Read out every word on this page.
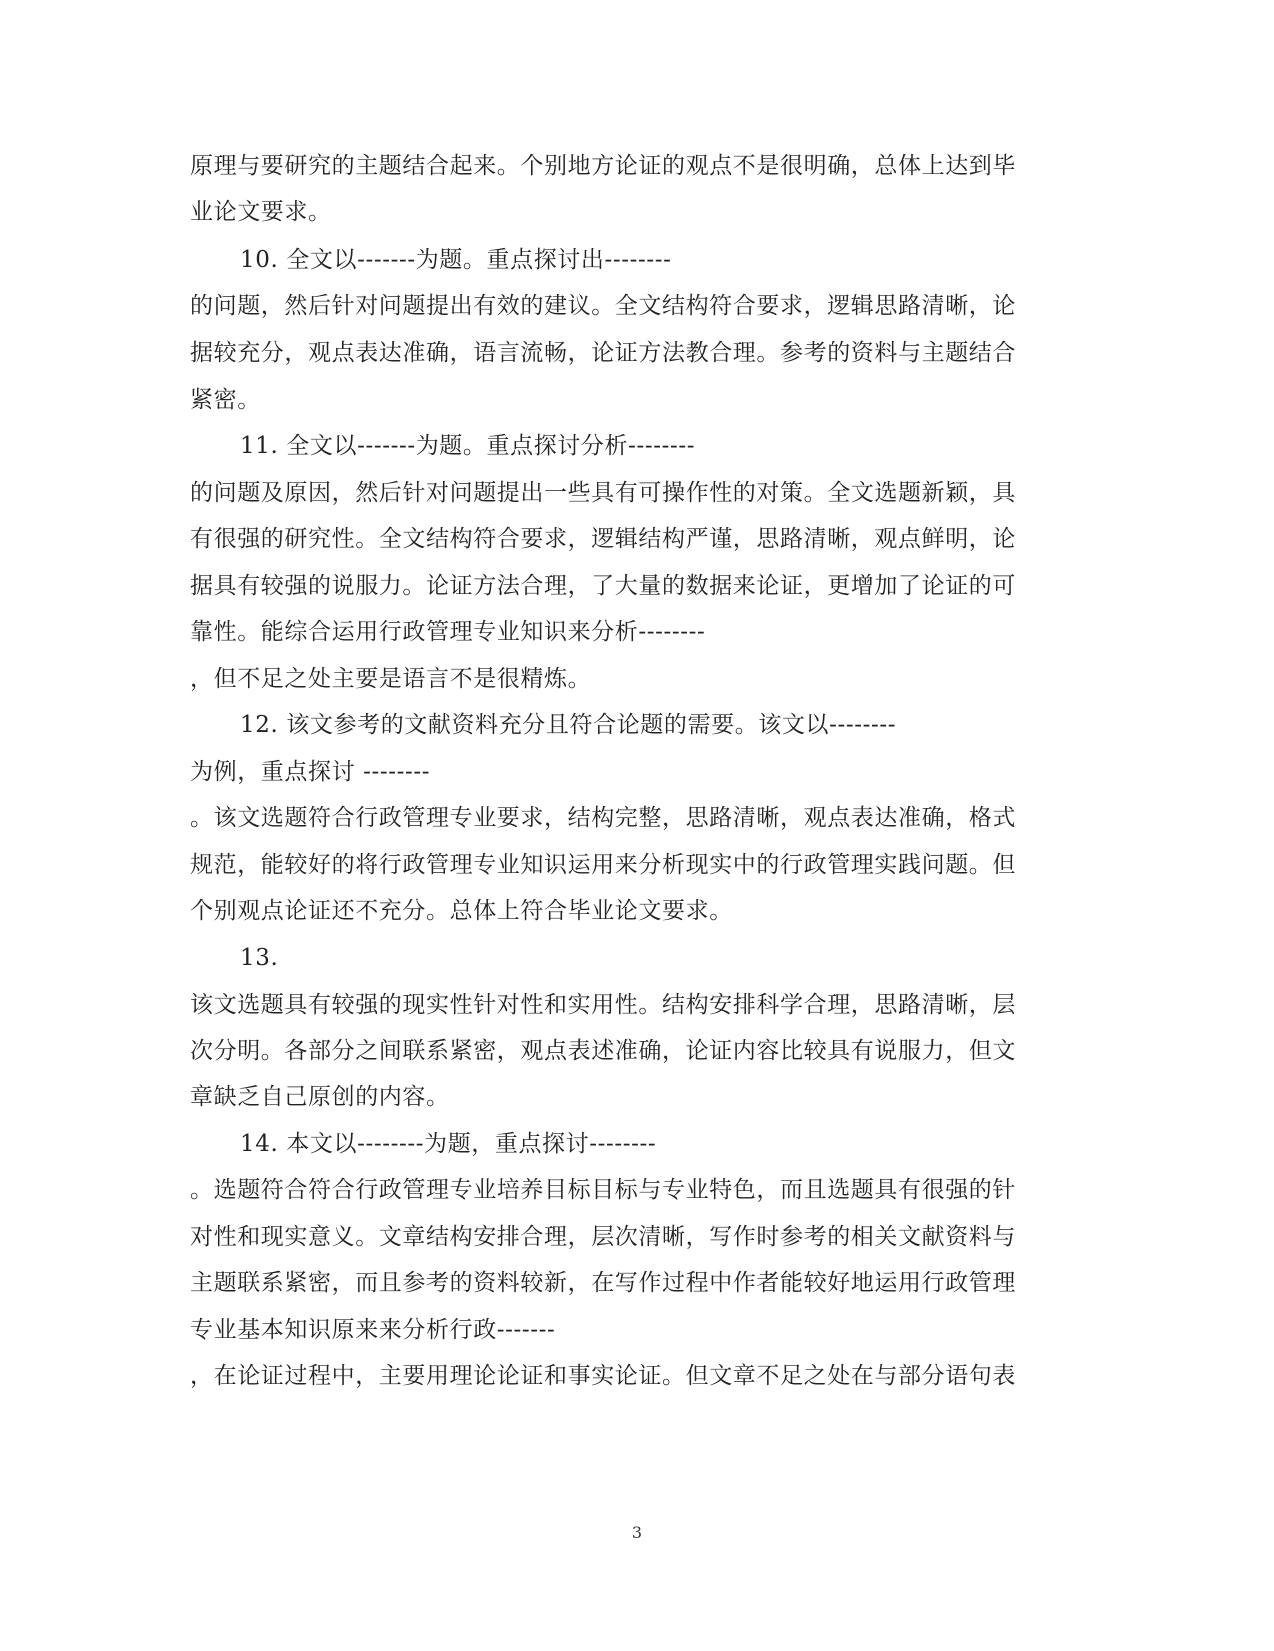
原理与要研究的主题结合起来。个别地方论证的观点不是很明确，总体上达到毕
业论文要求。
10. 全文以-------为题。重点探讨出--------
的问题，然后针对问题提出有效的建议。全文结构符合要求，逻辑思路清晰，论
据较充分，观点表达准确，语言流畅，论证方法教合理。参考的资料与主题结合
紧密。
11. 全文以-------为题。重点探讨分析--------
的问题及原因，然后针对问题提出一些具有可操作性的对策。全文选题新颖，具
有很强的研究性。全文结构符合要求，逻辑结构严谨，思路清晰，观点鲜明，论
据具有较强的说服力。论证方法合理，了大量的数据来论证，更增加了论证的可
靠性。能综合运用行政管理专业知识来分析--------
，但不足之处主要是语言不是很精炼。
12. 该文参考的文献资料充分且符合论题的需要。该文以--------
为例，重点探讨 --------
。该文选题符合行政管理专业要求，结构完整，思路清晰，观点表达准确，格式
规范，能较好的将行政管理专业知识运用来分析现实中的行政管理实践问题。但
个别观点论证还不充分。总体上符合毕业论文要求。
13.
该文选题具有较强的现实性针对性和实用性。结构安排科学合理，思路清晰，层
次分明。各部分之间联系紧密，观点表述准确，论证内容比较具有说服力，但文
章缺乏自己原创的内容。
14. 本文以--------为题，重点探讨--------
。选题符合符合行政管理专业培养目标目标与专业特色，而且选题具有很强的针
对性和现实意义。文章结构安排合理，层次清晰，写作时参考的相关文献资料与
主题联系紧密，而且参考的资料较新，在写作过程中作者能较好地运用行政管理
专业基本知识原来来分析行政-------
，在论证过程中，主要用理论论证和事实论证。但文章不足之处在与部分语句表
3
